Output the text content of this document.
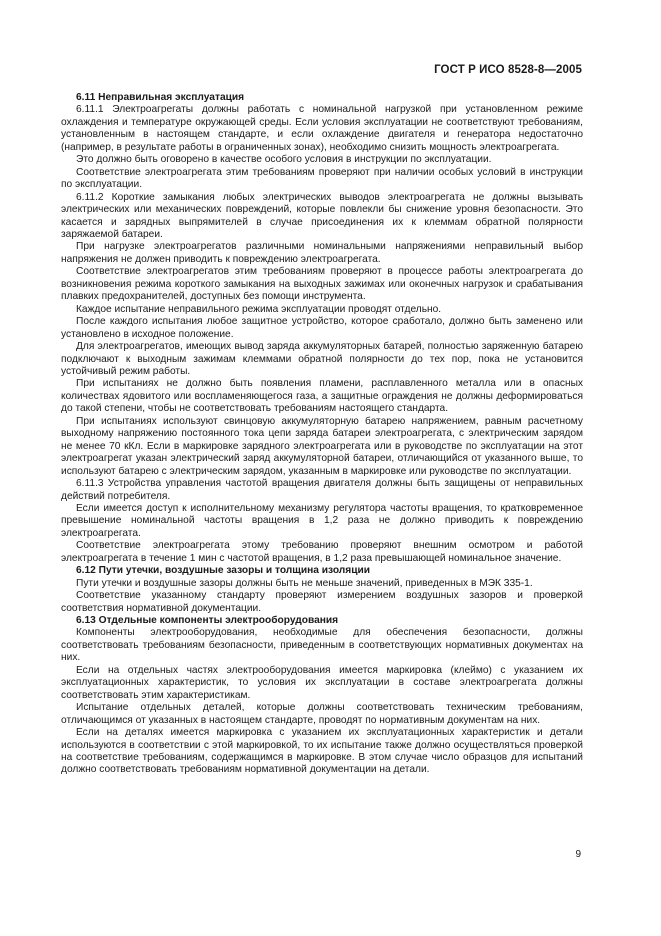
ГОСТ Р ИСО 8528-8—2005
6.11 Неправильная эксплуатация

6.11.1 Электроагрегаты должны работать с номинальной нагрузкой при установленном режиме охлаждения и температуре окружающей среды. Если условия эксплуатации не соответствуют требованиям, установленным в настоящем стандарте, и если охлаждение двигателя и генератора недостаточно (например, в результате работы в ограниченных зонах), необходимо снизить мощность электроагрегата.

Это должно быть оговорено в качестве особого условия в инструкции по эксплуатации.

Соответствие электроагрегата этим требованиям проверяют при наличии особых условий в инструкции по эксплуатации.

6.11.2 Короткие замыкания любых электрических выводов электроагрегата не должны вызывать электрических или механических повреждений, которые повлекли бы снижение уровня безопасности. Это касается и зарядных выпрямителей в случае присоединения их к клеммам обратной полярности заряжаемой батареи.

При нагрузке электроагрегатов различными номинальными напряжениями неправильный выбор напряжения не должен приводить к повреждению электроагрегата.

Соответствие электроагрегатов этим требованиям проверяют в процессе работы электроагрегата до возникновения режима короткого замыкания на выходных зажимах или оконечных нагрузок и срабатывания плавких предохранителей, доступных без помощи инструмента.

Каждое испытание неправильного режима эксплуатации проводят отдельно.

После каждого испытания любое защитное устройство, которое сработало, должно быть заменено или установлено в исходное положение.

Для электроагрегатов, имеющих вывод заряда аккумуляторных батарей, полностью заряженную батарею подключают к выходным зажимам клеммами обратной полярности до тех пор, пока не установится устойчивый режим работы.

При испытаниях не должно быть появления пламени, расплавленного металла или в опасных количествах ядовитого или воспламеняющегося газа, а защитные ограждения не должны деформироваться до такой степени, чтобы не соответствовать требованиям настоящего стандарта.

При испытаниях используют свинцовую аккумуляторную батарею напряжением, равным расчетному выходному напряжению постоянного тока цепи заряда батареи электроагрегата, с электрическим зарядом не менее 70 кКл. Если в маркировке зарядного электроагрегата или в руководстве по эксплуатации на этот электроагрегат указан электрический заряд аккумуляторной батареи, отличающийся от указанного выше, то используют батарею с электрическим зарядом, указанным в маркировке или руководстве по эксплуатации.

6.11.3 Устройства управления частотой вращения двигателя должны быть защищены от неправильных действий потребителя.

Если имеется доступ к исполнительному механизму регулятора частоты вращения, то кратковременное превышение номинальной частоты вращения в 1,2 раза не должно приводить к повреждению электроагрегата.

Соответствие электроагрегата этому требованию проверяют внешним осмотром и работой электроагрегата в течение 1 мин с частотой вращения, в 1,2 раза превышающей номинальное значение.

6.12 Пути утечки, воздушные зазоры и толщина изоляции

Пути утечки и воздушные зазоры должны быть не меньше значений, приведенных в МЭК 335-1.

Соответствие указанному стандарту проверяют измерением воздушных зазоров и проверкой соответствия нормативной документации.

6.13 Отдельные компоненты электрооборудования

Компоненты электрооборудования, необходимые для обеспечения безопасности, должны соответствовать требованиям безопасности, приведенным в соответствующих нормативных документах на них.

Если на отдельных частях электрооборудования имеется маркировка (клеймо) с указанием их эксплуатационных характеристик, то условия их эксплуатации в составе электроагрегата должны соответствовать этим характеристикам.

Испытание отдельных деталей, которые должны соответствовать техническим требованиям, отличающимся от указанных в настоящем стандарте, проводят по нормативным документам на них.

Если на деталях имеется маркировка с указанием их эксплуатационных характеристик и детали используются в соответствии с этой маркировкой, то их испытание также должно осуществляться проверкой на соответствие требованиям, содержащимся в маркировке. В этом случае число образцов для испытаний должно соответствовать требованиям нормативной документации на детали.

9
